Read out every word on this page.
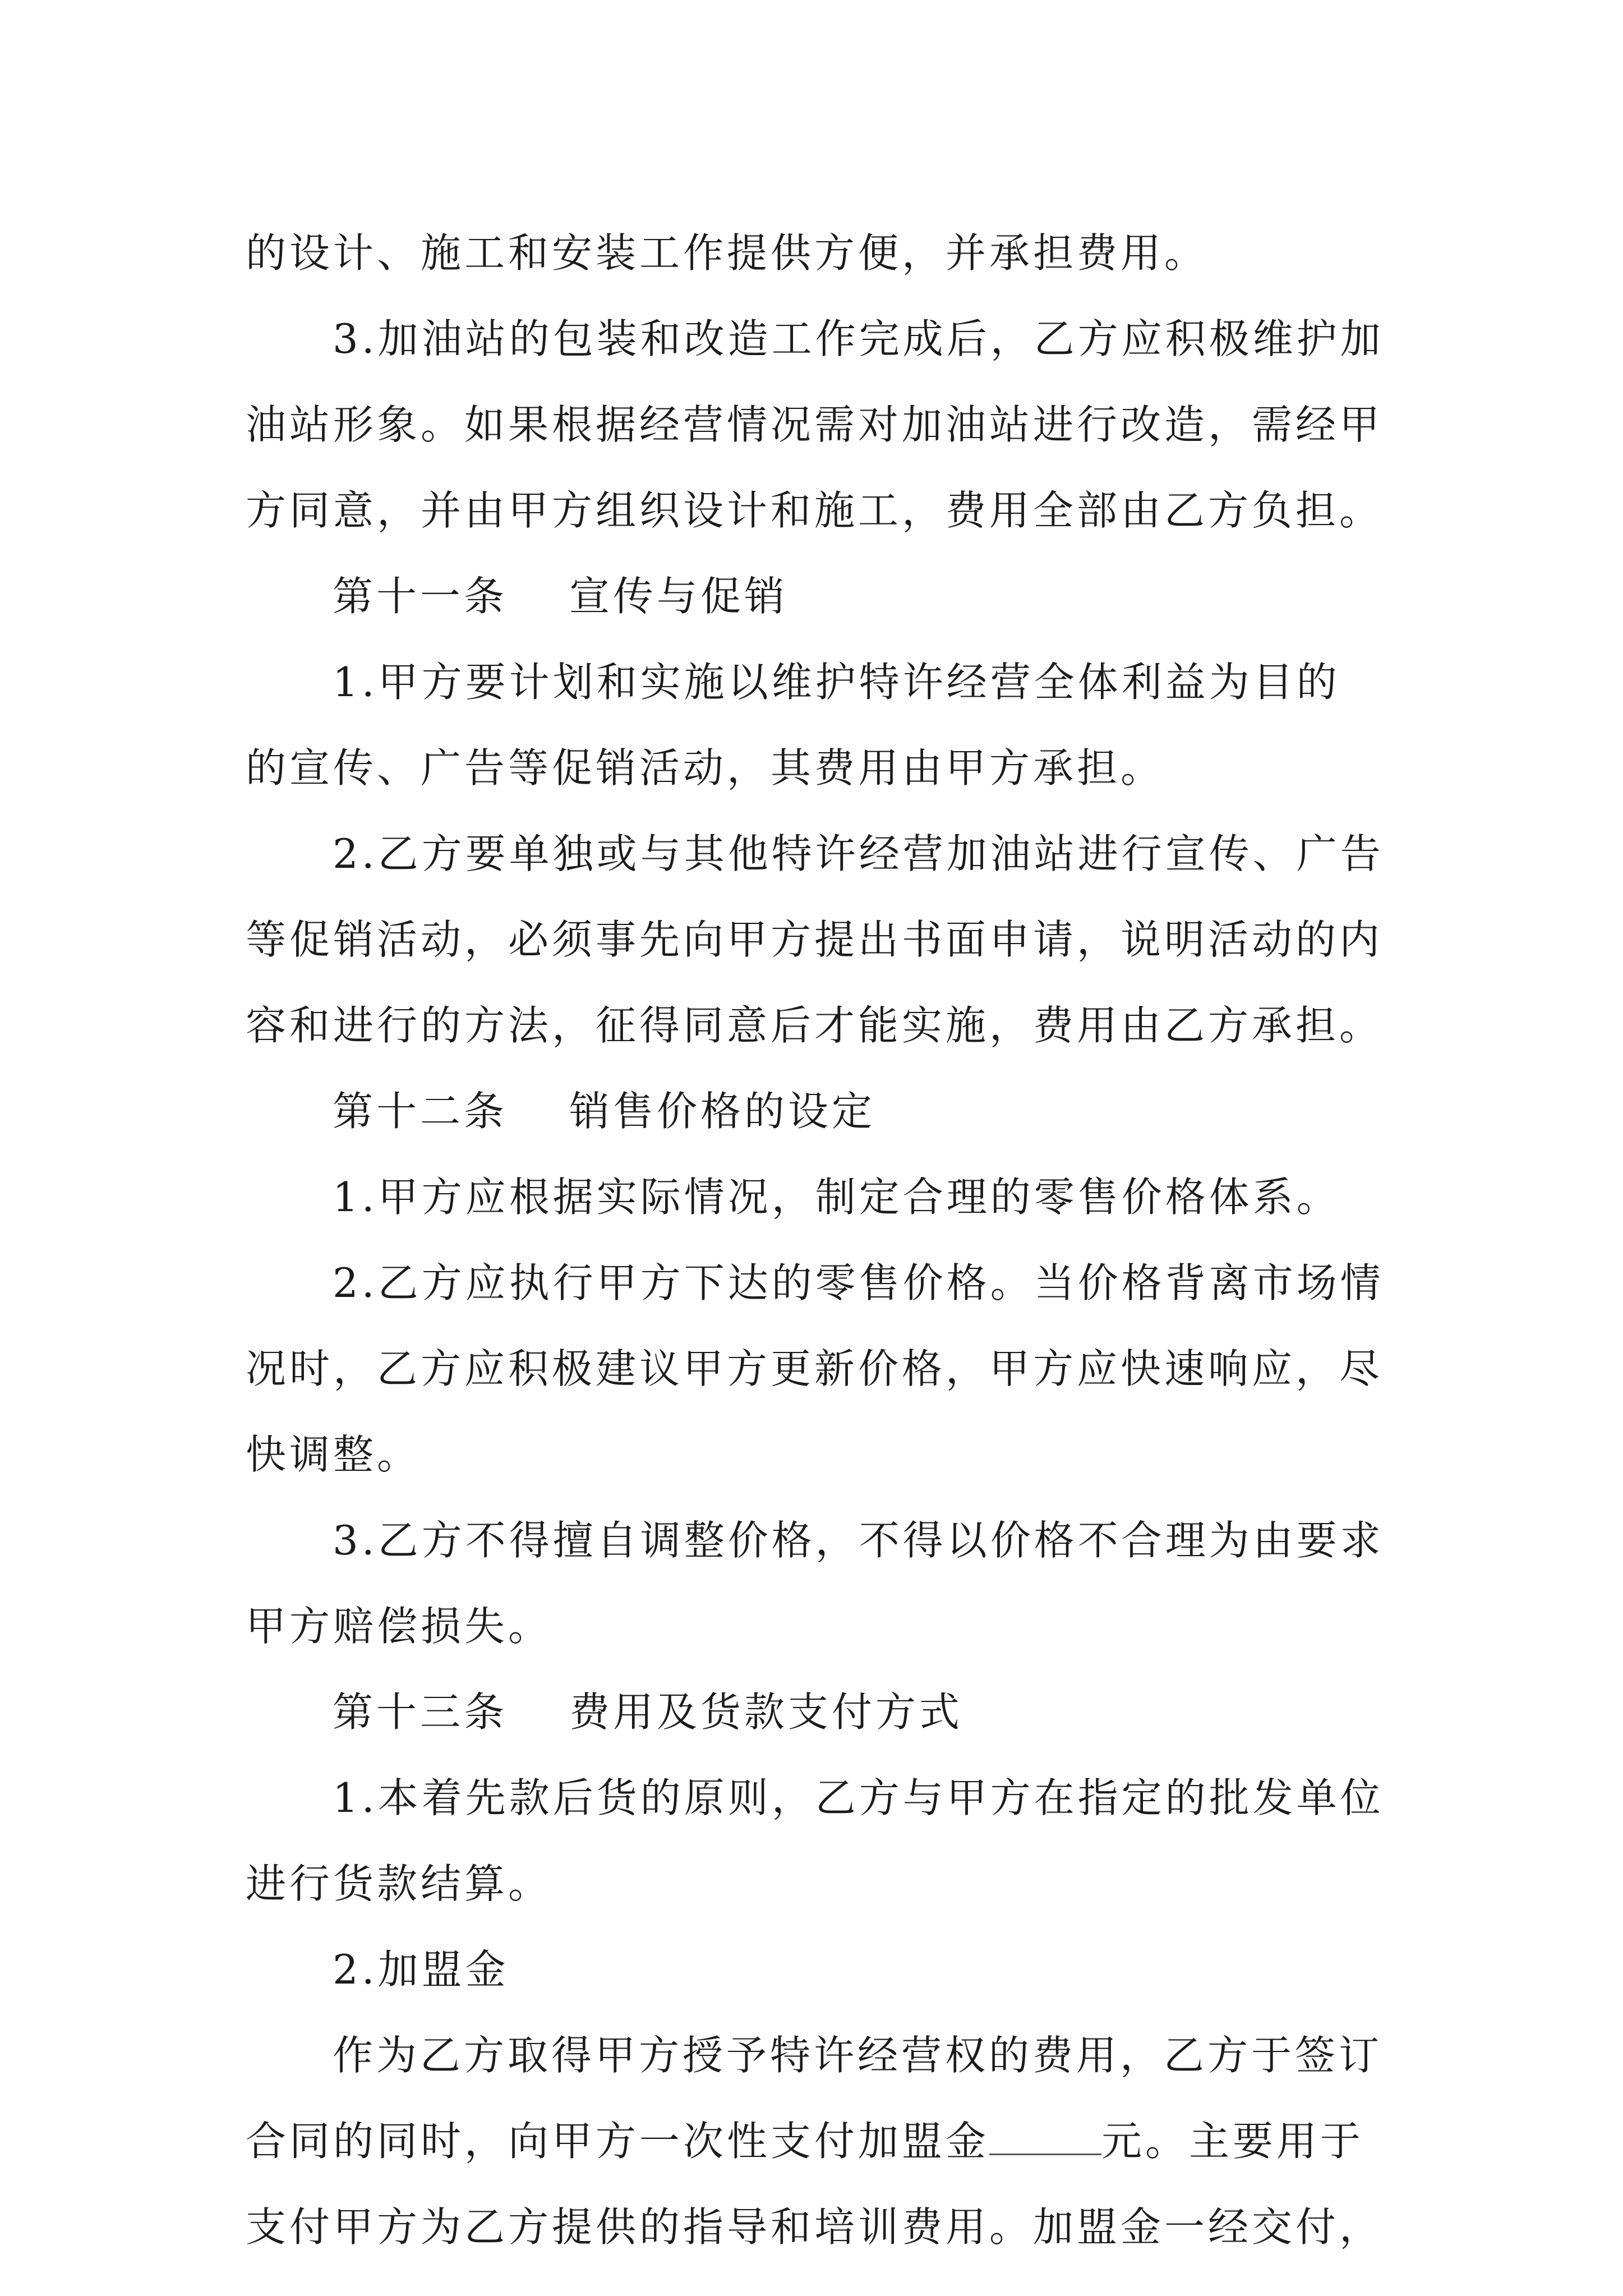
的设计、施工和安装工作提供方便，并承担费用。
3.加油站的包装和改造工作完成后，乙方应积极维护加
油站形象。如果根据经营情况需对加油站进行改造，需经甲
方同意，并由甲方组织设计和施工，费用全部由乙方负担。
第十一条 宣传与促销
1.甲方要计划和实施以维护特许经营全体利益为目的
的宣传、广告等促销活动，其费用由甲方承担。
2.乙方要单独或与其他特许经营加油站进行宣传、广告
等促销活动，必须事先向甲方提出书面申请，说明活动的内
容和进行的方法，征得同意后才能实施，费用由乙方承担。
第十二条 销售价格的设定
1.甲方应根据实际情况，制定合理的零售价格体系。
2.乙方应执行甲方下达的零售价格。当价格背离市场情
况时，乙方应积极建议甲方更新价格，甲方应快速响应，尽
快调整。
3.乙方不得擅自调整价格，不得以价格不合理为由要求
甲方赔偿损失。
第十三条 费用及货款支付方式
1.本着先款后货的原则，乙方与甲方在指定的批发单位
进行货款结算。
2.加盟金
作为乙方取得甲方授予特许经营权的费用，乙方于签订
合同的同时，向甲方一次性支付加盟金	元。主要用于
支付甲方为乙方提供的指导和培训费用。加盟金一经交付，
